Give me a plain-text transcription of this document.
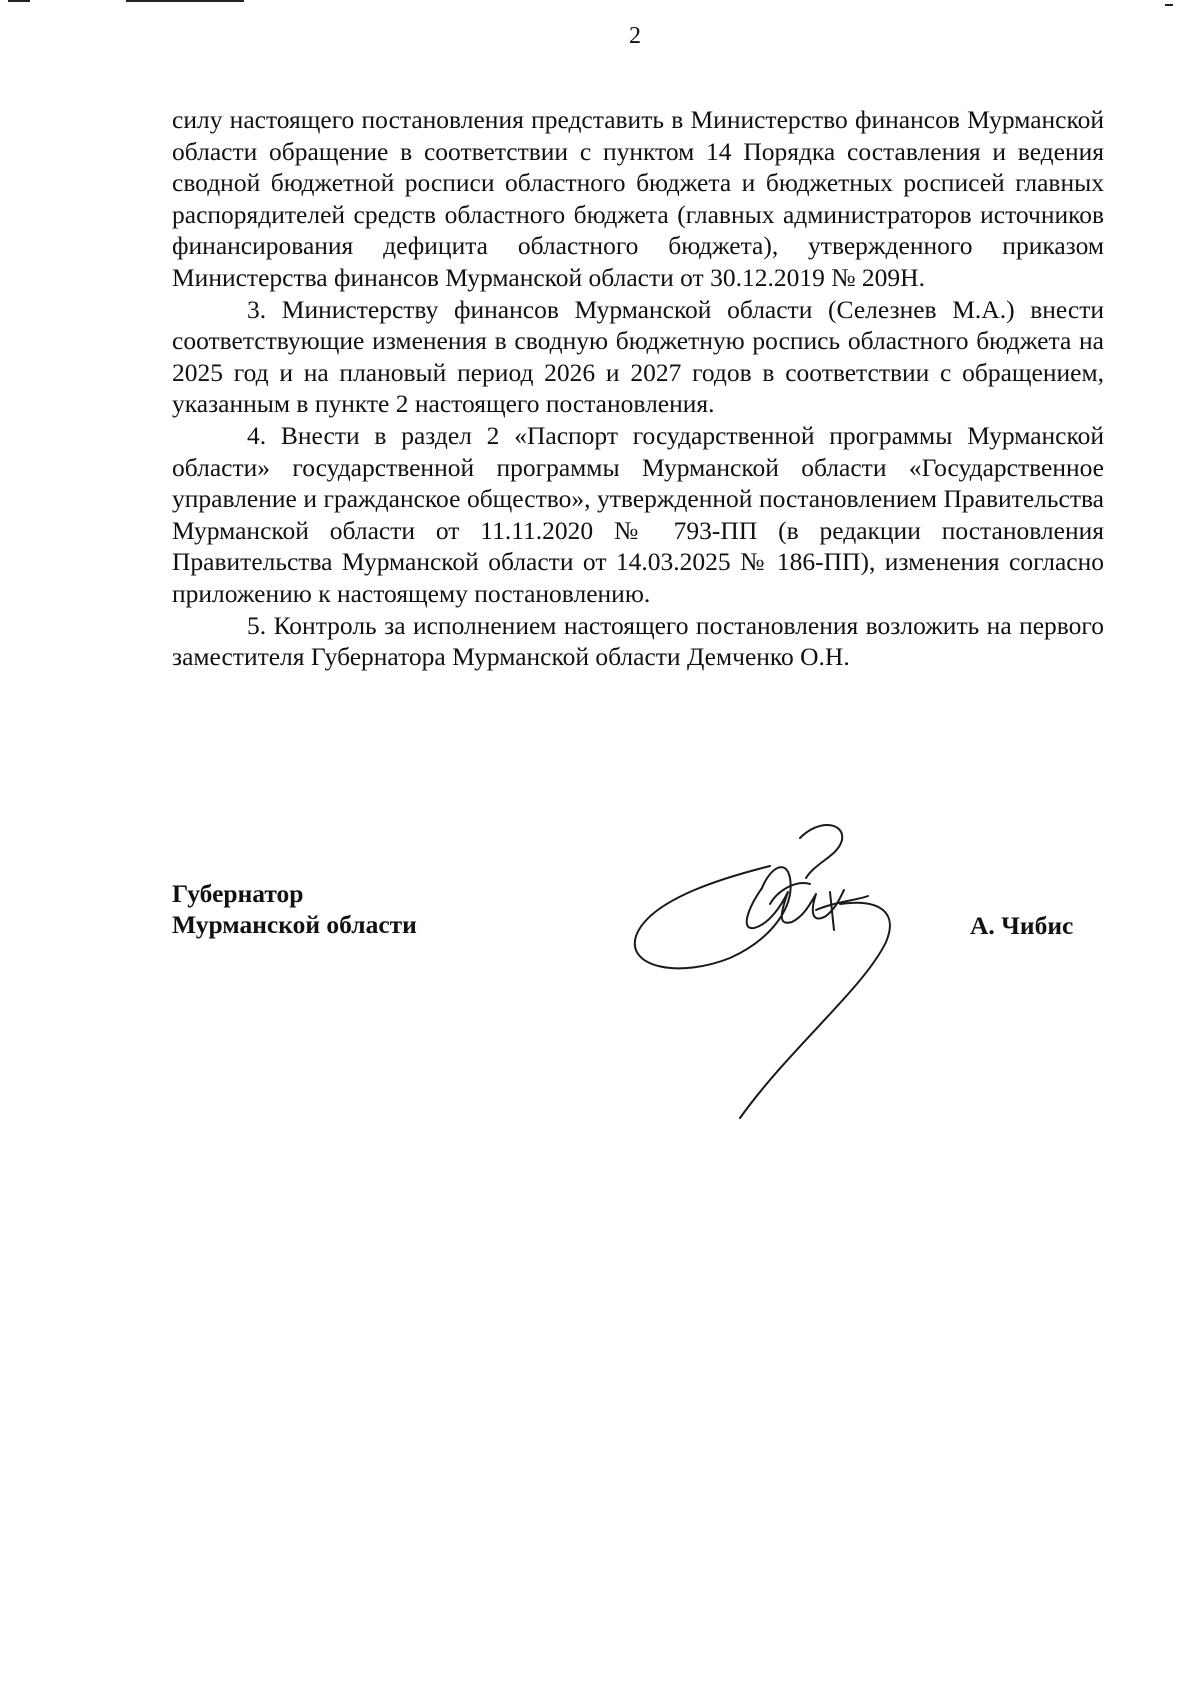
2

силу настоящего постановления представить в Министерство финансов Мурманской области обращение в соответствии с пунктом 14 Порядка составления и ведения сводной бюджетной росписи областного бюджета и бюджетных росписей главных распорядителей средств областного бюджета (главных администраторов источников финансирования дефицита областного бюджета), утвержденного приказом Министерства финансов Мурманской области от 30.12.2019 № 209Н.

3. Министерству финансов Мурманской области (Селезнев М.А.) внести соответствующие изменения в сводную бюджетную роспись областного бюджета на 2025 год и на плановый период 2026 и 2027 годов в соответствии с обращением, указанным в пункте 2 настоящего постановления.

4. Внести в раздел 2 «Паспорт государственной программы Мурманской области» государственной программы Мурманской области «Государственное управление и гражданское общество», утвержденной постановлением Правительства Мурманской области от 11.11.2020 № 793-ПП (в редакции постановления Правительства Мурманской области от 14.03.2025 № 186-ПП), изменения согласно приложению к настоящему постановлению.

5. Контроль за исполнением настоящего постановления возложить на первого заместителя Губернатора Мурманской области Демченко О.Н.

Губернатор
Мурманской области	А. Чибис
